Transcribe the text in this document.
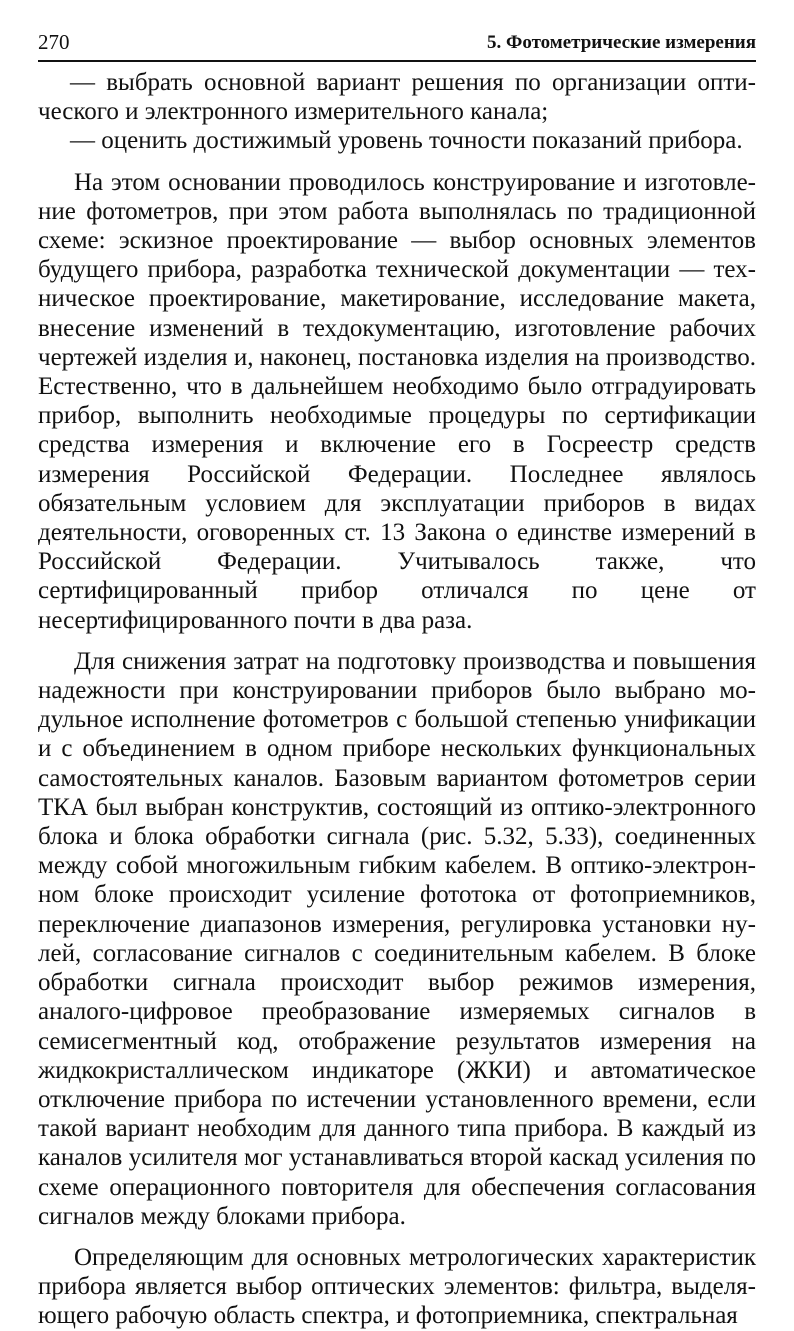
270	5. Фотометрические измерения

— выбрать основной вариант решения по организации оптического и электронного измерительного канала;

— оценить достижимый уровень точности показаний прибора.

На этом основании проводилось конструирование и изготовление фотометров, при этом работа выполнялась по традиционной схеме: эскизное проектирование — выбор основных элементов будущего прибора, разработка технической документации — техническое проектирование, макетирование, исследование макета, внесение изменений в техдокументацию, изготовление рабочих чертежей изделия и, наконец, постановка изделия на производство. Естественно, что в дальнейшем необходимо было отградуировать прибор, выполнить необходимые процедуры по сертификации средства измерения и включение его в Госреестр средств измерения Российской Федерации. Последнее являлось обязательным условием для эксплуатации приборов в видах деятельности, оговоренных ст. 13 Закона о единстве измерений в Российской Федерации. Учитывалось также, что сертифицированный прибор отличался по цене от несертифицированного почти в два раза.

Для снижения затрат на подготовку производства и повышения надежности при конструировании приборов было выбрано модульное исполнение фотометров с большой степенью унификации и с объединением в одном приборе нескольких функциональных самостоятельных каналов. Базовым вариантом фотометров серии ТКА был выбран конструктив, состоящий из оптико-электронного блока и блока обработки сигнала (рис. 5.32, 5.33), соединенных между собой многожильным гибким кабелем. В оптико-электронном блоке происходит усиление фототока от фотоприемников, переключение диапазонов измерения, регулировка установки нулей, согласование сигналов с соединительным кабелем. В блоке обработки сигнала происходит выбор режимов измерения, аналого-цифровое преобразование измеряемых сигналов в семисегментный код, отображение результатов измерения на жидкокристаллическом индикаторе (ЖКИ) и автоматическое отключение прибора по истечении установленного времени, если такой вариант необходим для данного типа прибора. В каждый из каналов усилителя мог устанавливаться второй каскад усиления по схеме операционного повторителя для обеспечения согласования сигналов между блоками прибора.

Определяющим для основных метрологических характеристик прибора является выбор оптических элементов: фильтра, выделяющего рабочую область спектра, и фотоприемника, спектральная
